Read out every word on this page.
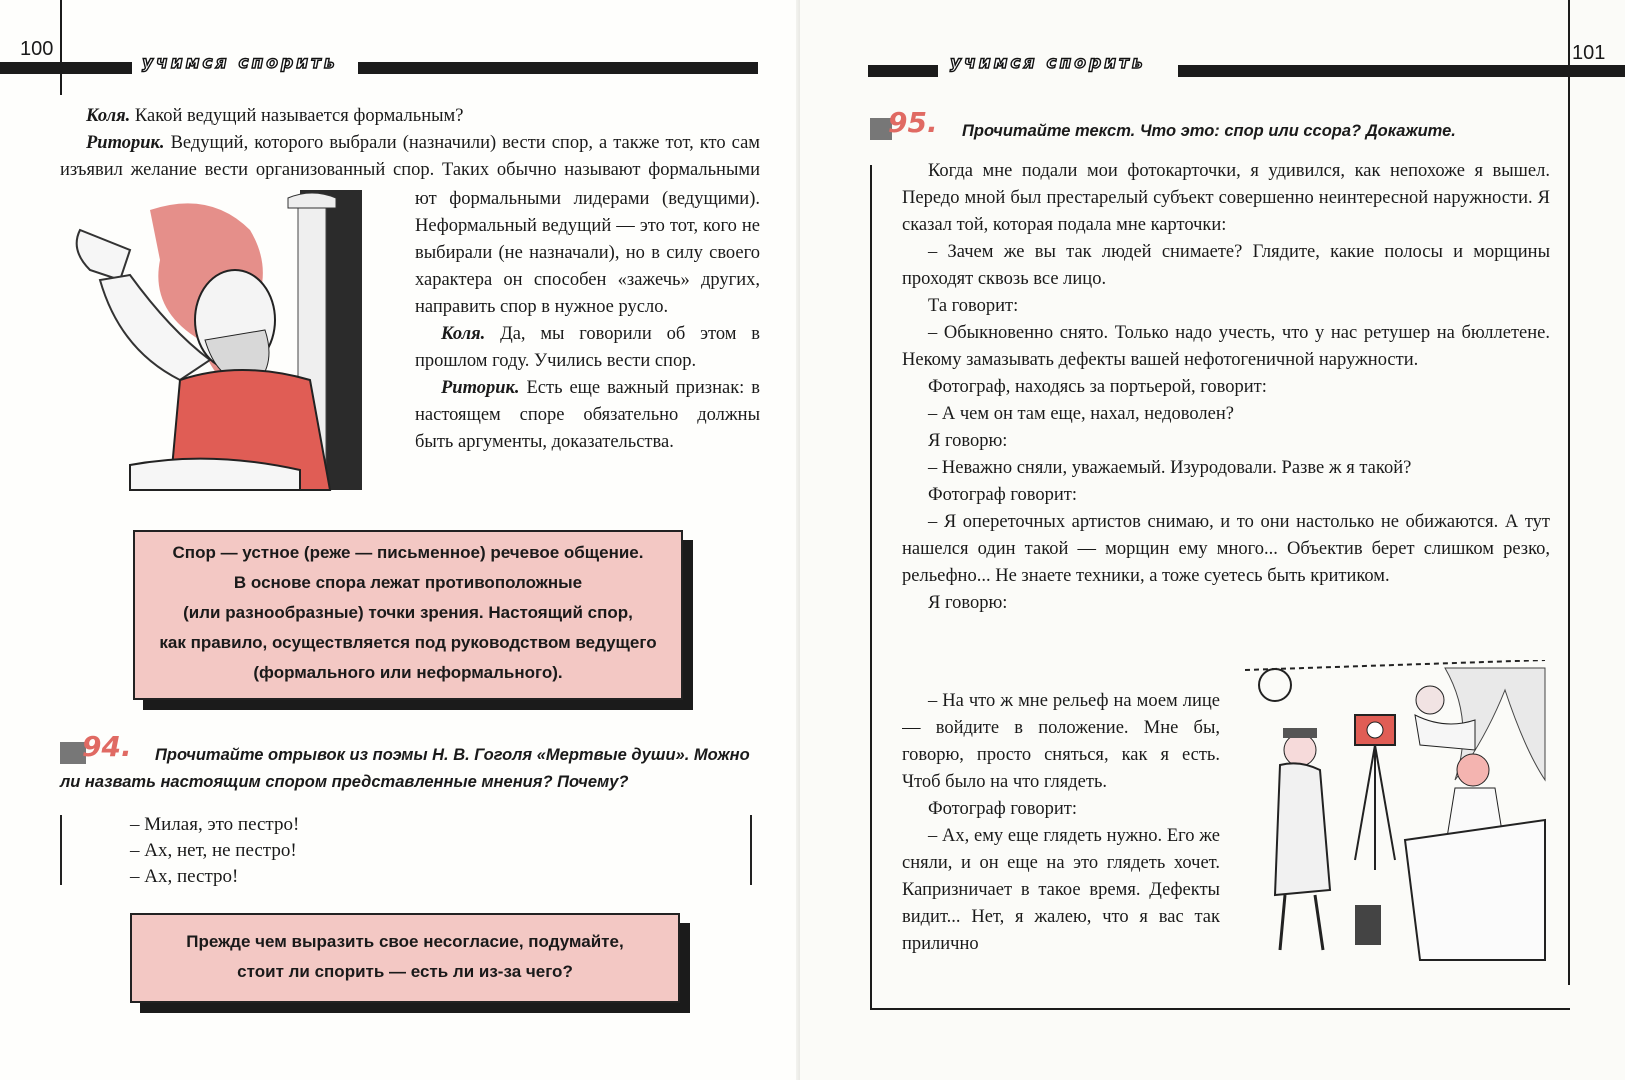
100
учимся спорить
Коля. Какой ведущий называется формальным?
Риторик. Ведущий, которого выбрали (назначили) вести спор, а также тот, кто сам изъявил желание вести организованный спор. Таких обычно называют формальными
ют формальными лидерами (ведущими). Неформальный ведущий — это тот, кого не выбирали (не назначали), но в силу своего характера он способен «зажечь» других, направить спор в нужное русло.
Коля. Да, мы говорили об этом в прошлом году. Учились вести спор.
Риторик. Есть еще важный признак: в настоящем споре обязательно должны быть аргументы, доказательства.
Спор — устное (реже — письменное) речевое общение.
В основе спора лежат противоположные
(или разнообразные) точки зрения. Настоящий спор,
как правило, осуществляется под руководством ведущего
(формального или неформального).
94.	Прочитайте отрывок из поэмы Н. В. Гоголя «Мертвые души». Можно ли назвать настоящим спором представленные мнения? Почему?
– Милая, это пестро!
– Ах, нет, не пестро!
– Ах, пестро!
Прежде чем выразить свое несогласие, подумайте,
стоит ли спорить — есть ли из-за чего?
учимся спорить	101
95. Прочитайте текст. Что это: спор или ссора? Докажите.
Когда мне подали мои фотокарточки, я удивился, как непохоже я вышел. Передо мной был престарелый субъект совершенно неинтересной наружности. Я сказал той, которая подала мне карточки:
– Зачем же вы так людей снимаете? Глядите, какие полосы и морщины проходят сквозь все лицо.
Та говорит:
– Обыкновенно снято. Только надо учесть, что у нас ретушер на бюллетене. Некому замазывать дефекты вашей нефотогеничной наружности.
Фотограф, находясь за портьерой, говорит:
– А чем он там еще, нахал, недоволен?
Я говорю:
– Неважно сняли, уважаемый. Изуродовали. Разве ж я такой?
Фотограф говорит:
– Я опереточных артистов снимаю, и то они настолько не обижаются. А тут нашелся один такой — морщин ему много... Объектив берет слишком резко, рельефно... Не знаете техники, а тоже суетесь быть критиком.
Я говорю:
– На что ж мне рельеф на моем лице — войдите в положение. Мне бы, говорю, просто сняться, как я есть. Чтоб было на что глядеть.
Фотограф говорит:
– Ах, ему еще глядеть нужно. Его же сняли, и он еще на это глядеть хочет. Капризничает в такое время. Дефекты видит... Нет, я жалею, что я вас так прилично
